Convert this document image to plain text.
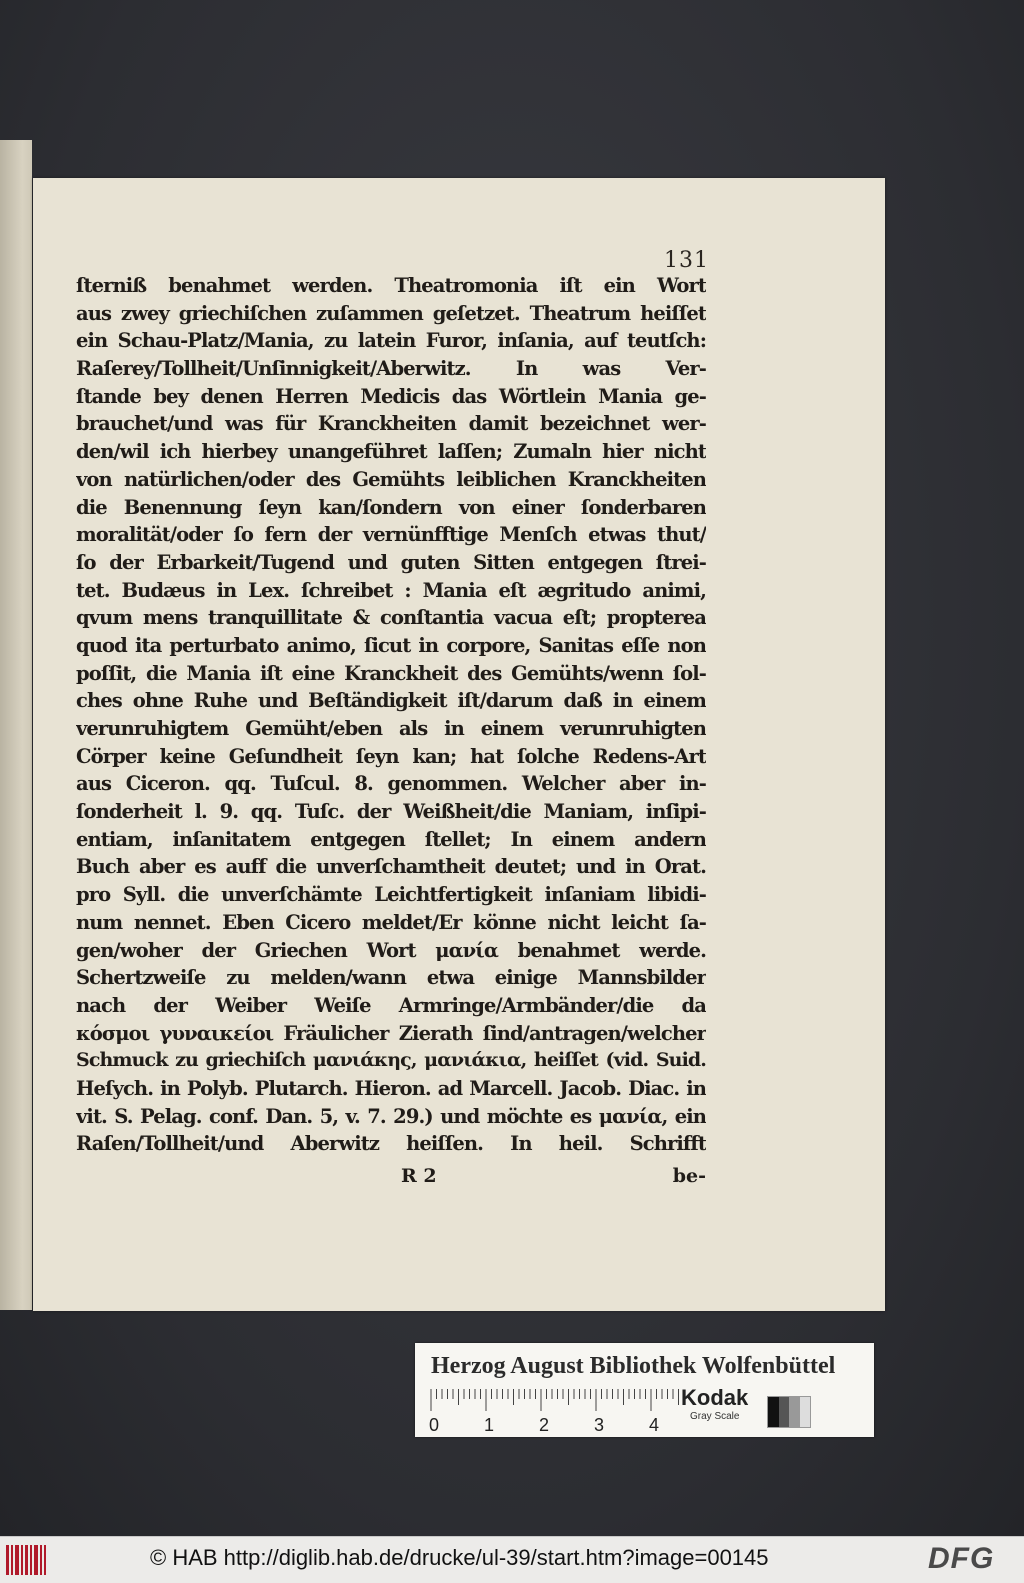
131
ſterniß benahmet werden. Theatromonia iſt ein Wort
aus zwey griechiſchen zuſammen geſetzet. Theatrum heiſſet
ein Schau-Platz/Mania, zu latein Furor, inſania, auf teutſch:
Raſerey/Tollheit/Unſinnigkeit/Aberwitz. In was Ver-
ſtande bey denen Herren Medicis das Wörtlein Mania ge-
brauchet/und was für Kranckheiten damit bezeichnet wer-
den/wil ich hierbey unangeführet laſſen; Zumaln hier nicht
von natürlichen/oder des Gemühts leiblichen Kranckheiten
die Benennung ſeyn kan/ſondern von einer ſonderbaren
moralität/oder ſo fern der vernünfftige Menſch etwas thut/
ſo der Erbarkeit/Tugend und guten Sitten entgegen ſtrei-
tet. Budæus in Lex. ſchreibet : Mania eſt ægritudo animi,
qvum mens tranquillitate & conſtantia vacua eſt; propterea
quod ita perturbato animo, ſicut in corpore, Sanitas eſſe non
poſſit, die Mania iſt eine Kranckheit des Gemühts/wenn ſol-
ches ohne Ruhe und Beſtändigkeit iſt/darum daß in einem
verunruhigtem Gemüht/eben als in einem verunruhigten
Cörper keine Geſundheit ſeyn kan; hat ſolche Redens-Art
aus Ciceron. qq. Tuſcul. 8. genommen. Welcher aber in-
ſonderheit l. 9. qq. Tuſc. der Weißheit/die Maniam, inſipi-
entiam, inſanitatem entgegen ſtellet; In einem andern
Buch aber es auff die unverſchamtheit deutet; und in Orat.
pro Syll. die unverſchämte Leichtfertigkeit inſaniam libidi-
num nennet. Eben Cicero meldet/Er könne nicht leicht ſa-
gen/woher der Griechen Wort μανία benahmet werde.
Schertzweiſe zu melden/wann etwa einige Mannsbilder
nach der Weiber Weiſe Armringe/Armbänder/die da
κόσμοι γυναικείοι Fräulicher Zierath ſind/antragen/welcher
Schmuck zu griechiſch μανιάκης, μανιάκια, heiſſet (vid. Suid.
Heſych. in Polyb. Plutarch. Hieron. ad Marcell. Jacob. Diac. in
vit. S. Pelag. conf. Dan. 5, v. 7. 29.) und möchte es μανία, ein
Raſen/Tollheit/und Aberwitz heiſſen. In heil. Schrifft
R 2	be-
Herzog August Bibliothek Wolfenbüttel
0 1 2 3 4
Kodak
Gray Scale
© HAB http://diglib.hab.de/drucke/ul-39/start.htm?image=00145	DFG
